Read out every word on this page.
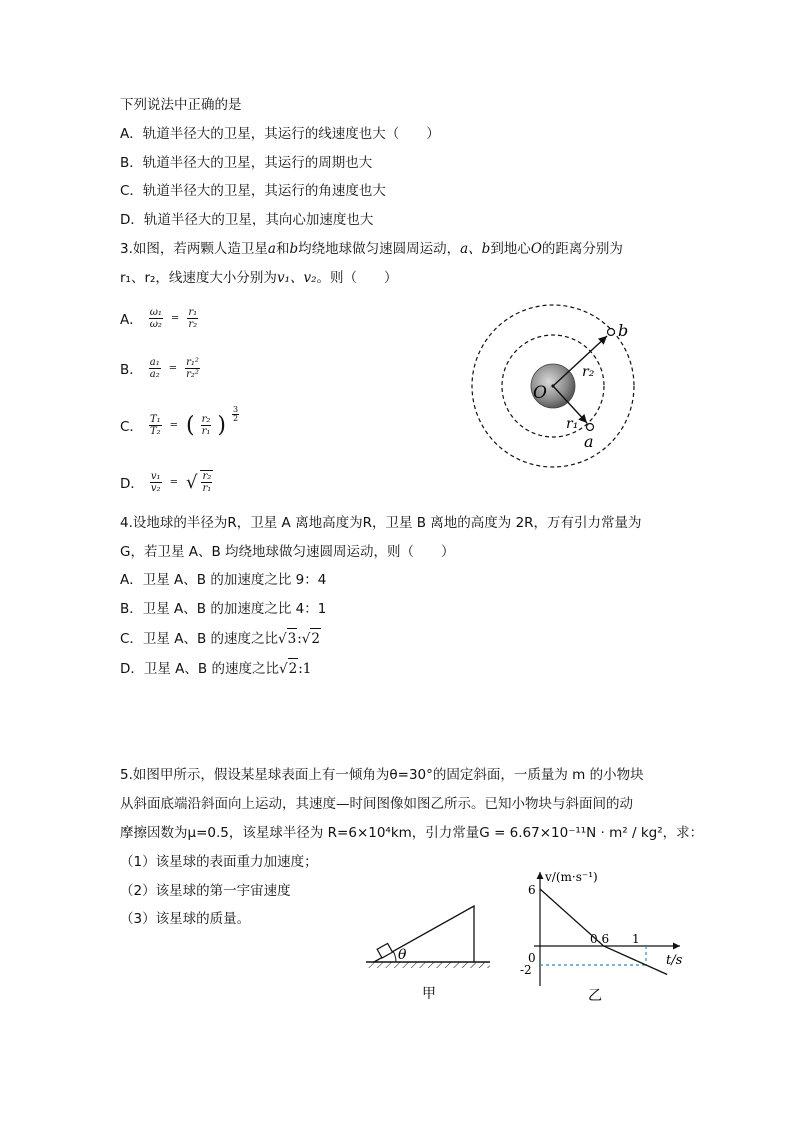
下列说法中正确的是
A．轨道半径大的卫星，其运行的线速度也大（　　）
B．轨道半径大的卫星，其运行的周期也大
C．轨道半径大的卫星，其运行的角速度也大
D．轨道半径大的卫星，其向心加速度也大
3.如图，若两颗人造卫星a和b均绕地球做匀速圆周运动，a、b到地心O的距离分别为
r₁、r₂，线速度大小分别为v₁、v₂。则（　　）
A． $\frac{\text{ω₁}}{\text{ω₂}} = \frac{\text{r₁}}{\text{r₂}}$
B． $\frac{\text{a₁}}{\text{a₂}} = \frac{\text{r₁²}}{\text{r₂²}}$
C． $\frac{\text{T₁}}{\text{T₂}}$ = ( $\frac{\text{r₂}}{\text{r₁}}$ ) $\frac{3}{2}$
D． $\frac{\text{v₁}}{\text{v₂}}$ = √ $\frac{\text{r₂}}{\text{r₁}}$
O
r₂
r₁
b
a
4.设地球的半径为R，卫星 A 离地高度为R，卫星 B 离地的高度为 2R，万有引力常量为
G，若卫星 A、B 均绕地球做匀速圆周运动，则（　　）
A．卫星 A、B 的加速度之比 9：4
B．卫星 A、B 的加速度之比 4：1
C．卫星 A、B 的速度之比√3:√2
D．卫星 A、B 的速度之比√2:1
5.如图甲所示，假设某星球表面上有一倾角为θ=30°的固定斜面，一质量为 m 的小物块
从斜面底端沿斜面向上运动，其速度—时间图像如图乙所示。已知小物块与斜面间的动
摩擦因数为μ=0.5，该星球半径为 R=6×10⁴km，引力常量G = 6.67×10⁻¹¹N · m² / kg²，求：
（1）该星球的表面重力加速度；
（2）该星球的第一宇宙速度
（3）该星球的质量。
θ
甲
v/(m·s⁻¹)
t/s
0
0.6 1
6
-2
乙
